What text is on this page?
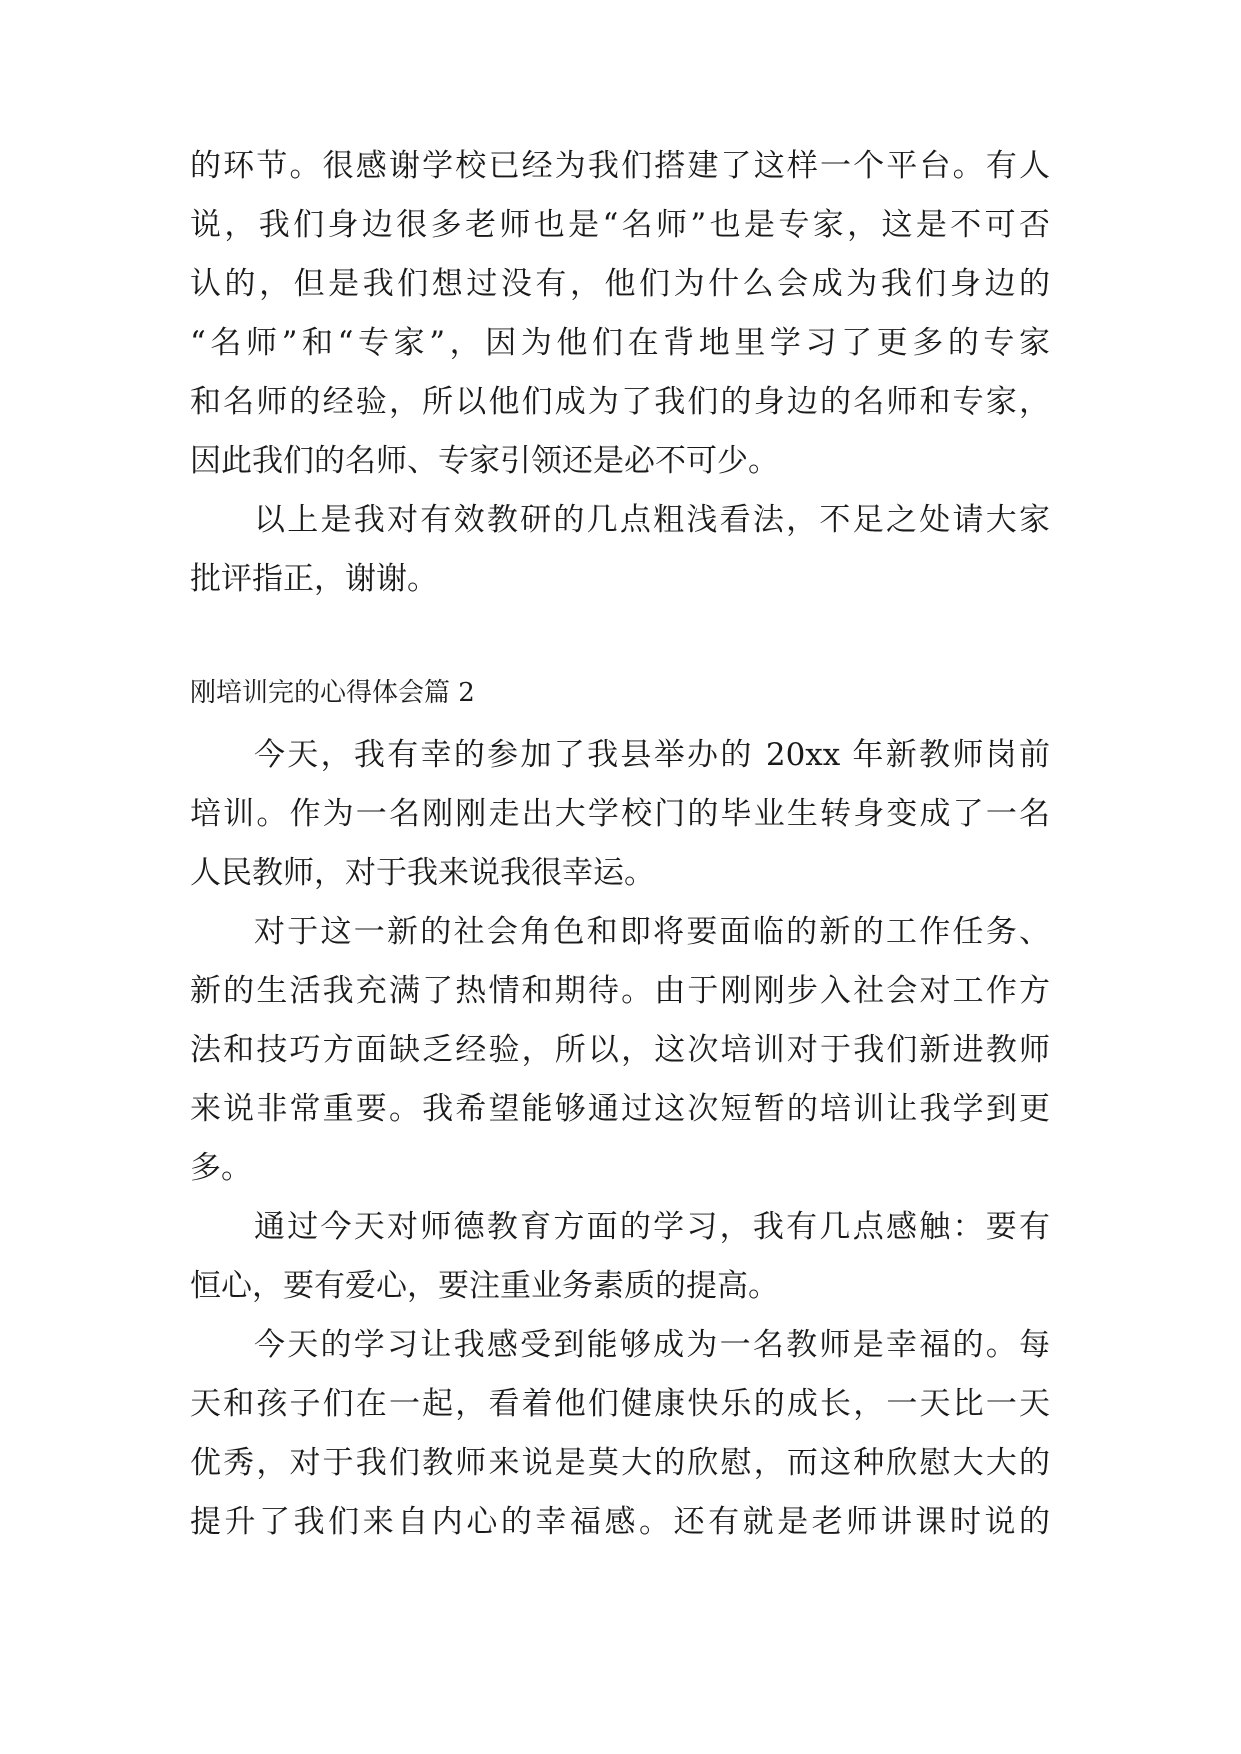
的环节。很感谢学校已经为我们搭建了这样一个平台。有人
说，我们身边很多老师也是“名师”也是专家，这是不可否
认的，但是我们想过没有，他们为什么会成为我们身边的
“名师”和“专家”，因为他们在背地里学习了更多的专家
和名师的经验，所以他们成为了我们的身边的名师和专家，
因此我们的名师、专家引领还是必不可少。
以上是我对有效教研的几点粗浅看法，不足之处请大家
批评指正，谢谢。
刚培训完的心得体会篇 2
今天，我有幸的参加了我县举办的 20xx 年新教师岗前
培训。作为一名刚刚走出大学校门的毕业生转身变成了一名
人民教师，对于我来说我很幸运。
对于这一新的社会角色和即将要面临的新的工作任务、
新的生活我充满了热情和期待。由于刚刚步入社会对工作方
法和技巧方面缺乏经验，所以，这次培训对于我们新进教师
来说非常重要。我希望能够通过这次短暂的培训让我学到更
多。
通过今天对师德教育方面的学习，我有几点感触：要有
恒心，要有爱心，要注重业务素质的提高。
今天的学习让我感受到能够成为一名教师是幸福的。每
天和孩子们在一起，看着他们健康快乐的成长，一天比一天
优秀，对于我们教师来说是莫大的欣慰，而这种欣慰大大的
提升了我们来自内心的幸福感。还有就是老师讲课时说的
